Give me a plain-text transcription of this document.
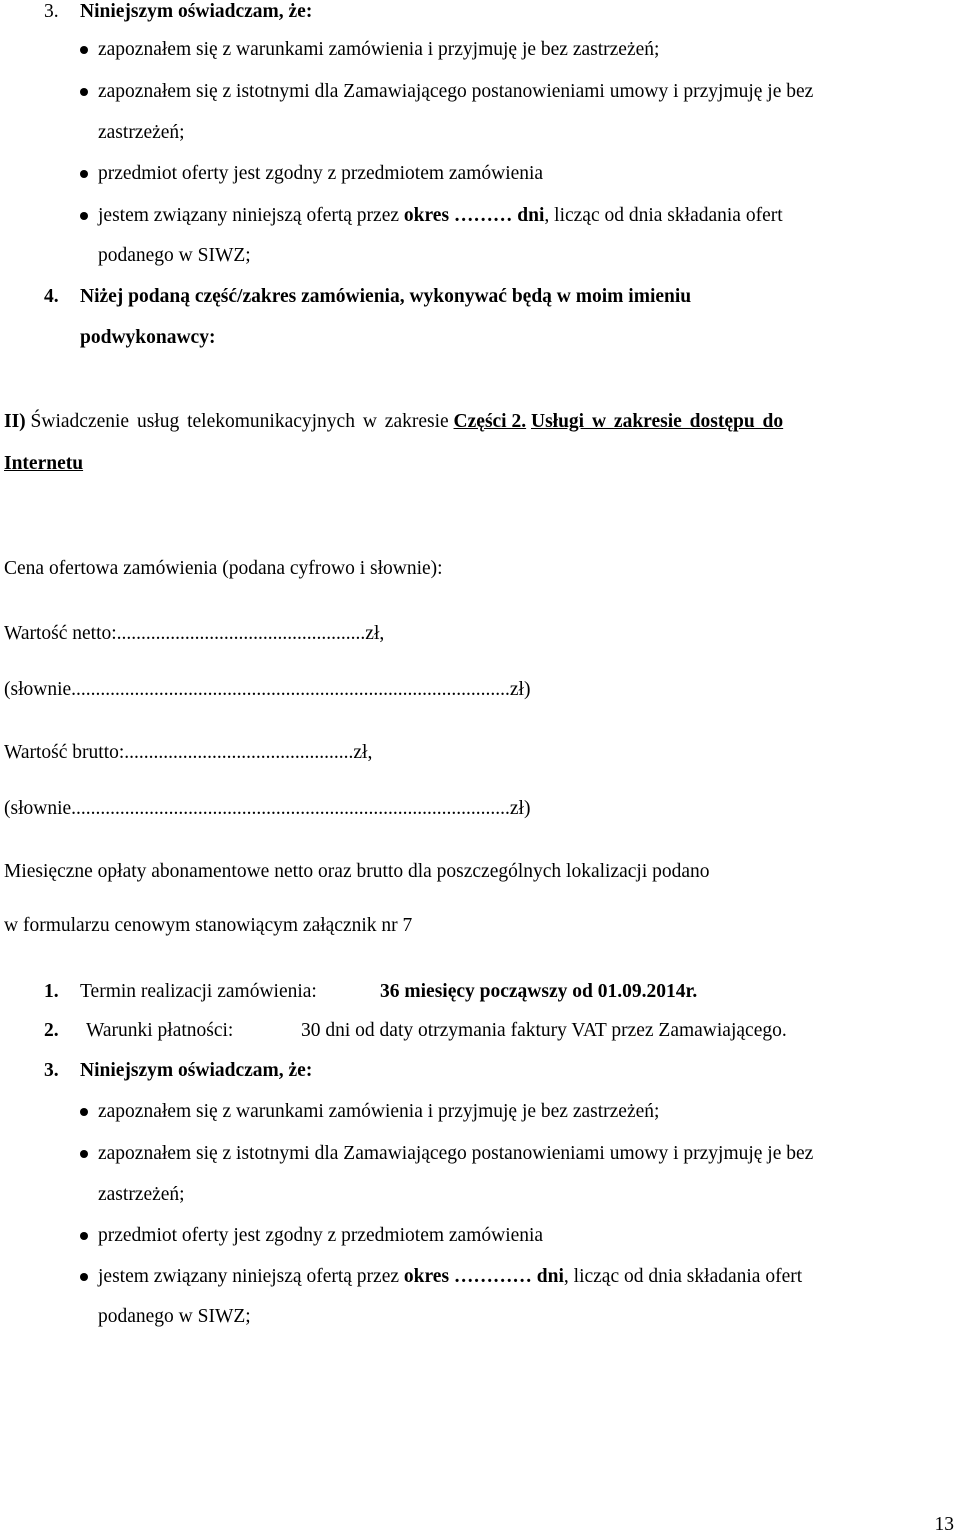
3. Niniejszym oświadczam, że:
zapoznałem się z warunkami zamówienia i przyjmuję je bez zastrzeżeń;
zapoznałem się z istotnymi dla Zamawiającego postanowieniami umowy i przyjmuję je bez
zastrzeżeń;
przedmiot oferty jest zgodny z przedmiotem zamówienia
jestem związany niniejszą ofertą przez okres ……… dni, licząc od dnia składania ofert
podanego w SIWZ;
4. Niżej podaną część/zakres zamówienia, wykonywać będą w moim imieniu
podwykonawcy:
II) Świadczenie usług telekomunikacyjnych w zakresie Części 2. Usługi w zakresie dostępu do
Internetu
Cena ofertowa zamówienia (podana cyfrowo i słownie):
Wartość netto:...................................................zł,
(słownie..........................................................................................zł)
Wartość brutto:...............................................zł,
(słownie..........................................................................................zł)
Miesięczne opłaty abonamentowe netto oraz brutto dla poszczególnych lokalizacji podano
w formularzu cenowym stanowiącym załącznik nr 7
1. Termin realizacji zamówienia:	36 miesięcy począwszy od 01.09.2014r.
2. Warunki płatności:	30 dni od daty otrzymania faktury VAT przez Zamawiającego.
3. Niniejszym oświadczam, że:
zapoznałem się z warunkami zamówienia i przyjmuję je bez zastrzeżeń;
zapoznałem się z istotnymi dla Zamawiającego postanowieniami umowy i przyjmuję je bez
zastrzeżeń;
przedmiot oferty jest zgodny z przedmiotem zamówienia
jestem związany niniejszą ofertą przez okres ………… dni, licząc od dnia składania ofert
podanego w SIWZ;
13
